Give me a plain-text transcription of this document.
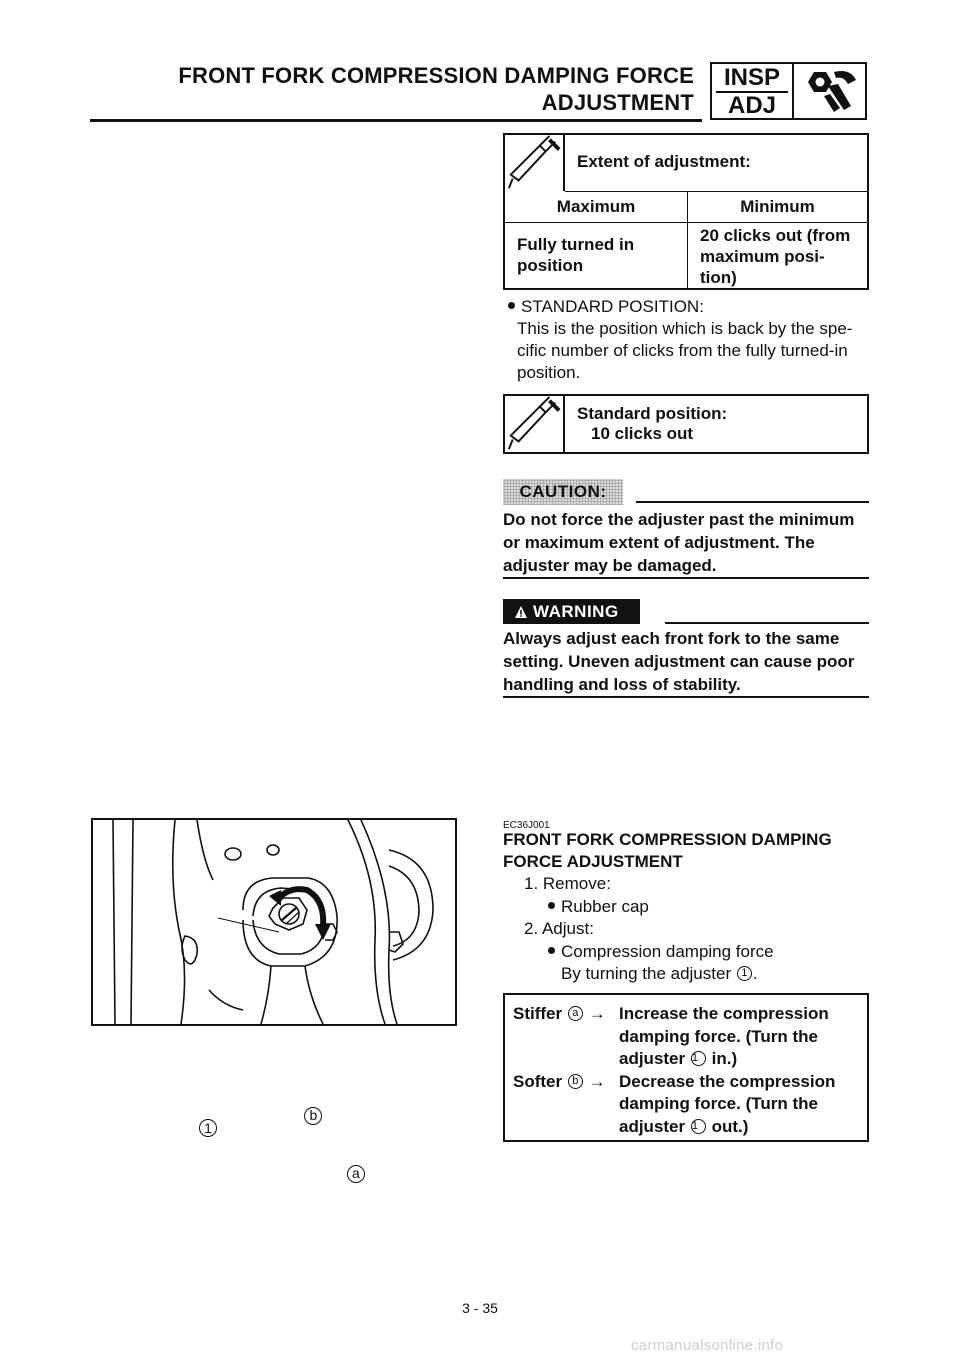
FRONT FORK COMPRESSION DAMPING FORCE
ADJUSTMENT
INSP
ADJ
Extent of adjustment:
Maximum	Minimum
Fully turned in
position
20 clicks out (from
maximum posi-
tion)
STANDARD POSITION:
This is the position which is back by the spe-
cific number of clicks from the fully turned-in
position.
Standard position:
10 clicks out
CAUTION:
Do not force the adjuster past the minimum
or maximum extent of adjustment. The
adjuster may be damaged.
WARNING
Always adjust each front fork to the same
setting. Uneven adjustment can cause poor
handling and loss of stability.
1 b a
EC36J001
FRONT FORK COMPRESSION DAMPING
FORCE ADJUSTMENT
1. Remove:
Rubber cap
2. Adjust:
Compression damping force
By turning the adjuster 1 .
Stiffer a → Increase the compression
damping force. (Turn the
adjuster 1 in.)
Softer b → Decrease the compression
damping force. (Turn the
adjuster 1 out.)
3 - 35
carmanualsonline.info
